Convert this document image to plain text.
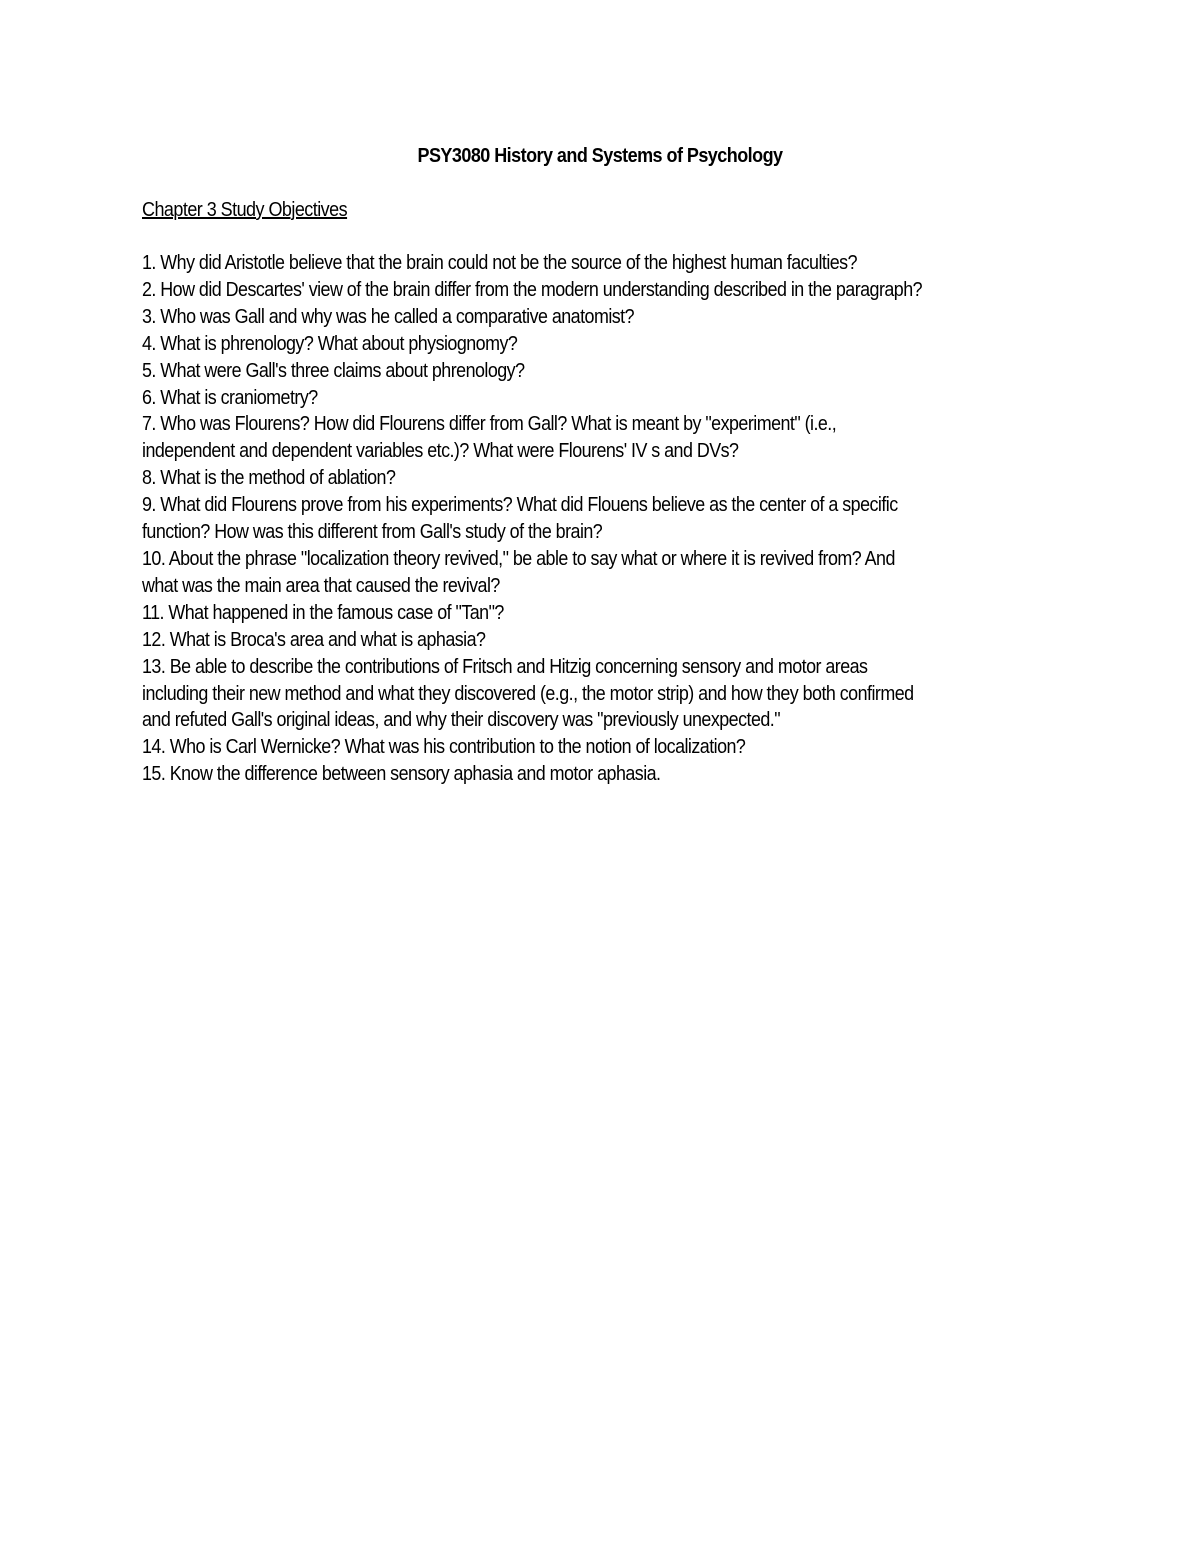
PSY3080 History and Systems of Psychology
Chapter 3 Study Objectives
1. Why did Aristotle believe that the brain could not be the source of the highest human faculties?
2. How did Descartes' view of the brain differ from the modern understanding described in the paragraph?
3. Who was Gall and why was he called a comparative anatomist?
4. What is phrenology? What about physiognomy?
5. What were Gall's three claims about phrenology?
6. What is craniometry?
7. Who was Flourens? How did Flourens differ from Gall? What is meant by "experiment" (i.e.,
independent and dependent variables etc.)? What were Flourens' IV s and DVs?
8. What is the method of ablation?
9. What did Flourens prove from his experiments? What did Flouens believe as the center of a specific
function? How was this different from Gall's study of the brain?
10. About the phrase "localization theory revived," be able to say what or where it is revived from? And
what was the main area that caused the revival?
11. What happened in the famous case of "Tan"?
12. What is Broca's area and what is aphasia?
13. Be able to describe the contributions of Fritsch and Hitzig concerning sensory and motor areas
including their new method and what they discovered (e.g., the motor strip) and how they both confirmed
and refuted Gall's original ideas, and why their discovery was "previously unexpected."
14. Who is Carl Wernicke? What was his contribution to the notion of localization?
15. Know the difference between sensory aphasia and motor aphasia.
